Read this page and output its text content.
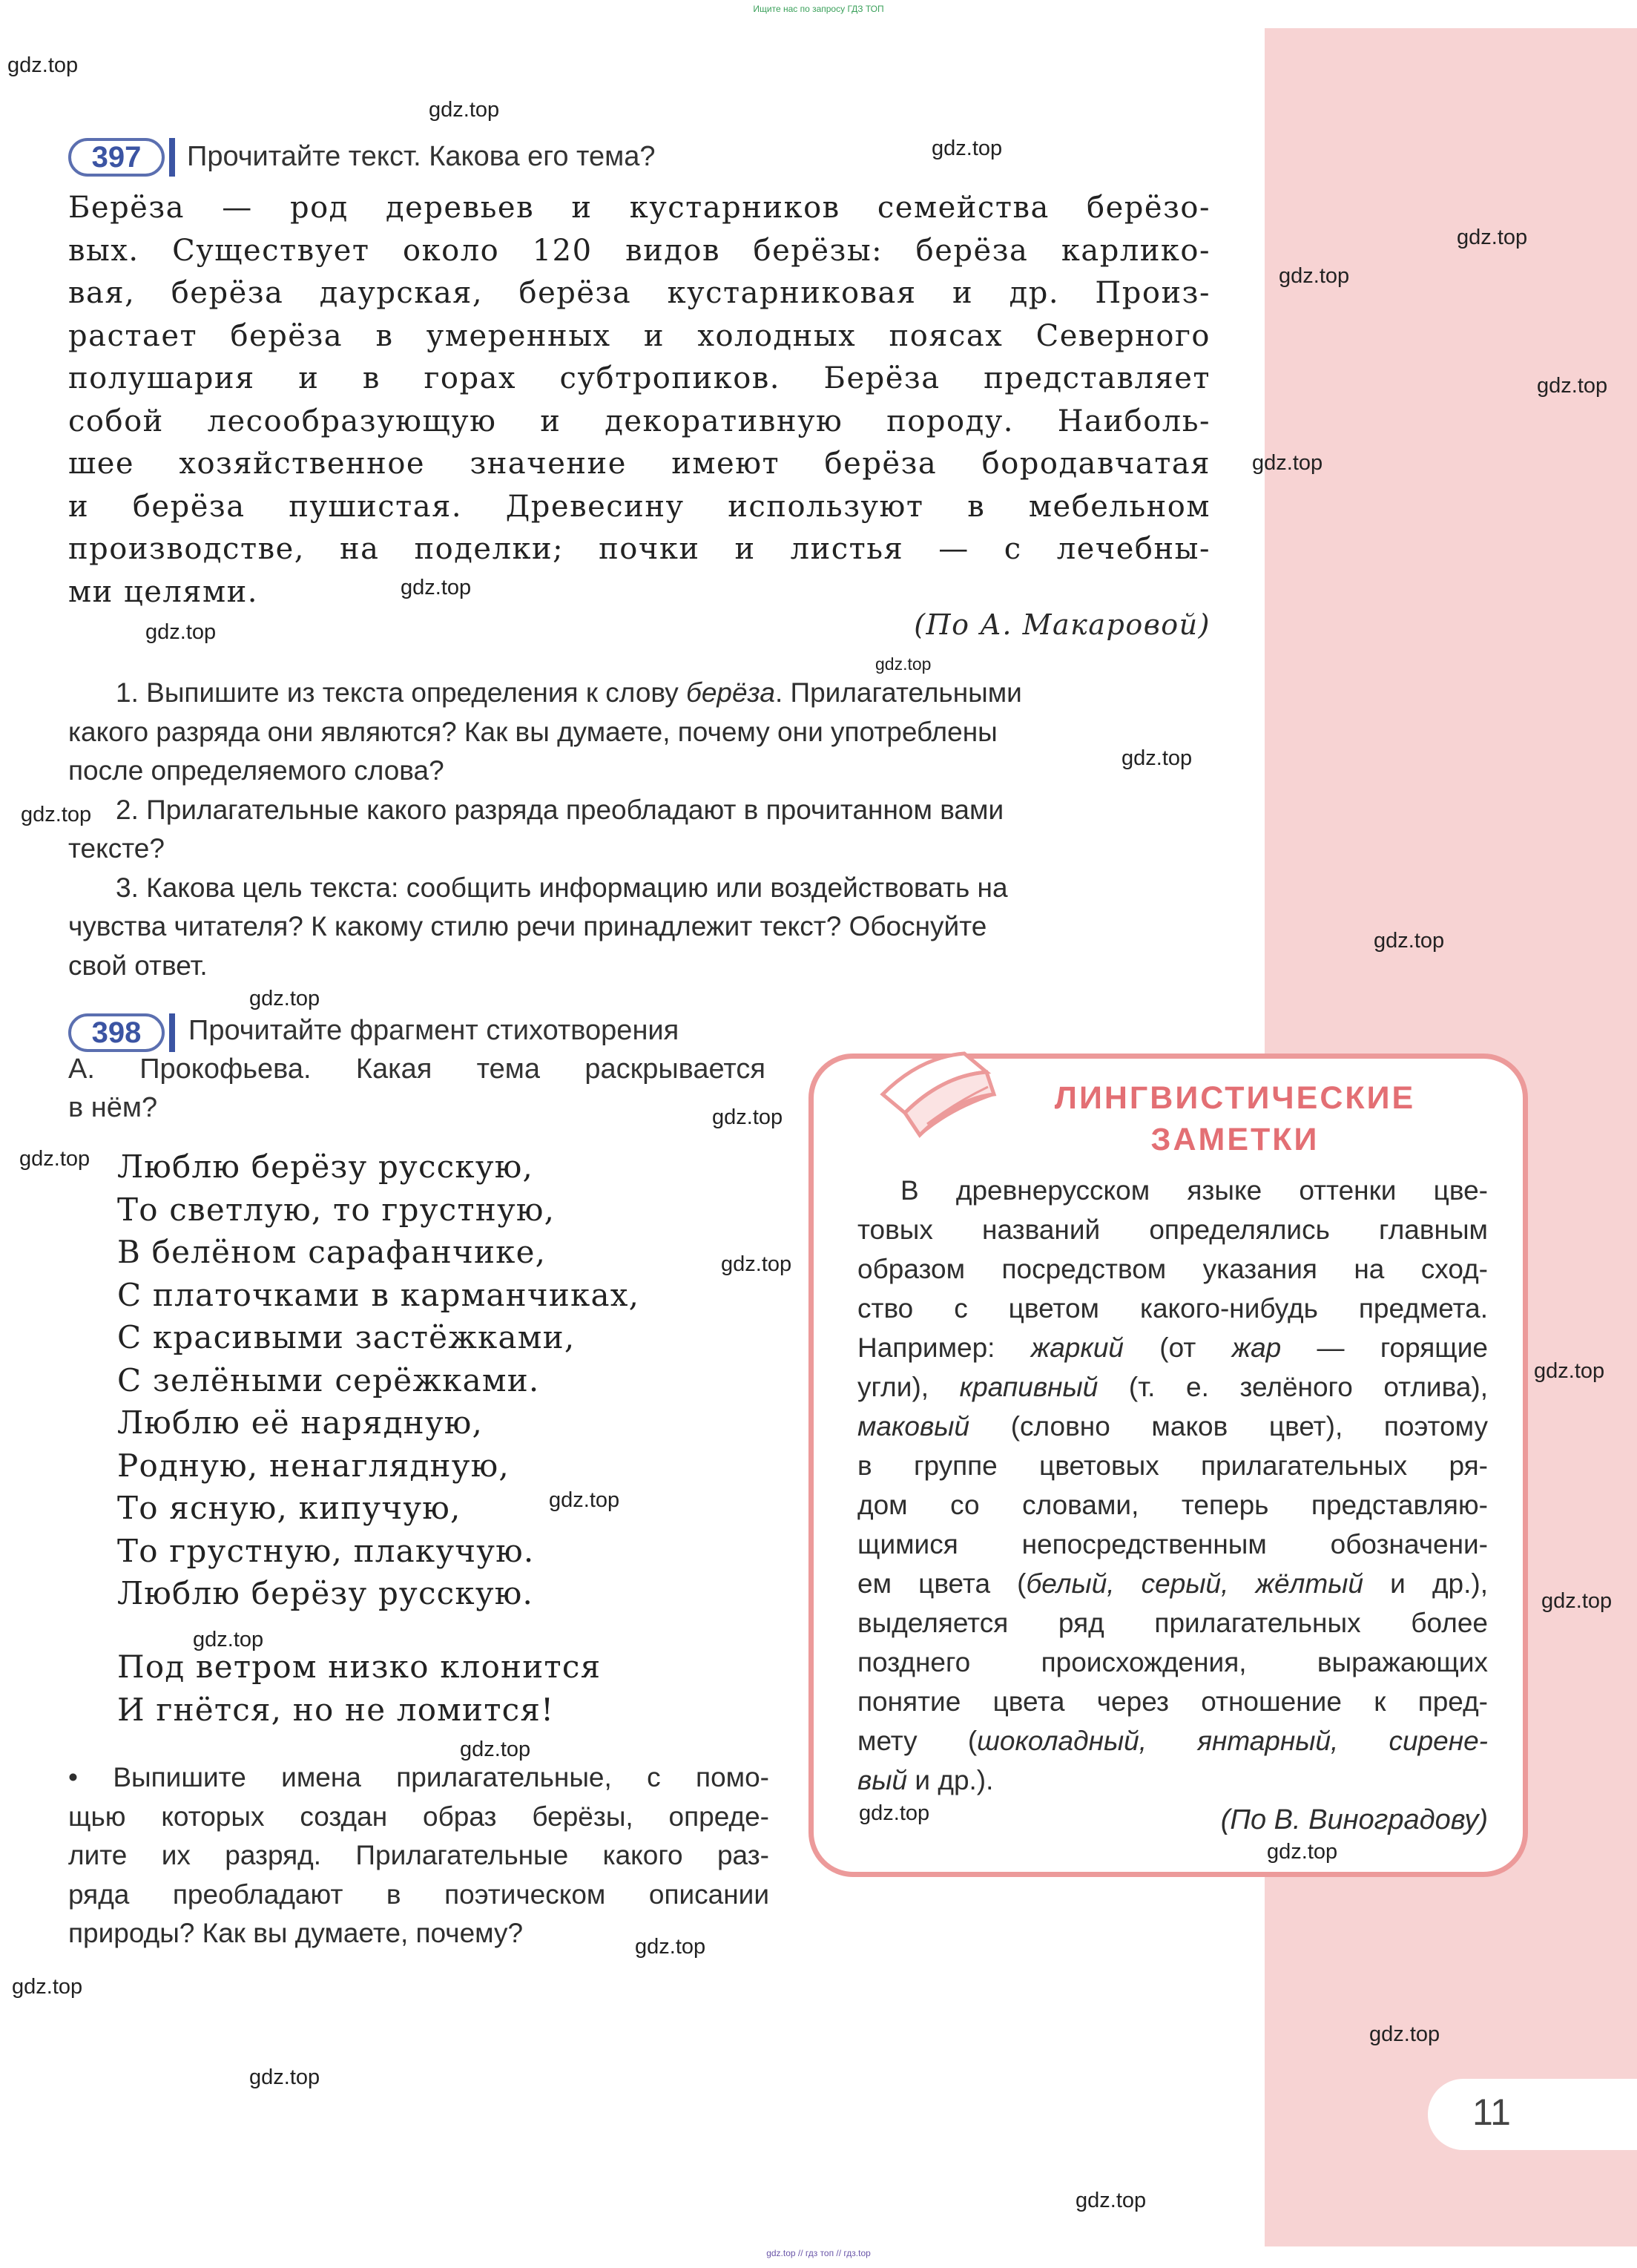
Ищите нас по запросу ГДЗ ТОП
397	Прочитайте текст. Какова его тема?
Берёза — род деревьев и кустарников семейства берёзо-
вых. Существует около 120 видов берёзы: берёза карлико-
вая, берёза даурская, берёза кустарниковая и др. Произ-
растает берёза в умеренных и холодных поясах Северного
полушария и в горах субтропиков. Берёза представляет
собой лесообразующую и декоративную породу. Наиболь-
шее хозяйственное значение имеют берёза бородавчатая
и берёза пушистая. Древесину используют в мебельном
производстве, на поделки; почки и листья — с лечебны-
ми целями.
(По А. Макаровой)
1. Выпишите из текста определения к слову берёза. Прилагательными
какого разряда они являются? Как вы думаете, почему они употреблены
после определяемого слова?
2. Прилагательные какого разряда преобладают в прочитанном вами
тексте?
3. Какова цель текста: сообщить информацию или воздействовать на
чувства читателя? К какому стилю речи принадлежит текст? Обоснуйте
свой ответ.
398	Прочитайте фрагмент стихотворения
А. Прокофьева. Какая тема раскрывается
в нём?
Люблю берёзу русскую,
То светлую, то грустную,
В белёном сарафанчике,
С платочками в карманчиках,
С красивыми застёжками,
С зелёными серёжками.
Люблю её нарядную,
Родную, ненаглядную,
То ясную, кипучую,
То грустную, плакучую.
Люблю берёзу русскую.
Под ветром низко клонится
И гнётся, но не ломится!
• Выпишите имена прилагательные, с помо-
щью которых создан образ берёзы, опреде-
лите их разряд. Прилагательные какого раз-
ряда преобладают в поэтическом описании
природы? Как вы думаете, почему?
ЛИНГВИСТИЧЕСКИЕ
ЗАМЕТКИ
В древнерусском языке оттенки цве-
товых названий определялись главным
образом посредством указания на сход-
ство с цветом какого-нибудь предмета.
Например: жаркий (от жар — горящие
угли), крапивный (т. е. зелёного отлива),
маковый (словно маков цвет), поэтому
в группе цветовых прилагательных ря-
дом со словами, теперь представляю-
щимися непосредственным обозначени-
ем цвета (белый, серый, жёлтый и др.),
выделяется ряд прилагательных более
позднего происхождения, выражающих
понятие цвета через отношение к пред-
мету (шоколадный, янтарный, сирене-
вый и др.).
(По В. Виноградову)
11
gdz.top
gdz.top
gdz.top
gdz.top
gdz.top
gdz.top
gdz.top
gdz.top
gdz.top
gdz.top
gdz.top
gdz.top
gdz.top
gdz.top
gdz.top
gdz.top
gdz.top
gdz.top
gdz.top
gdz.top
gdz.top
gdz.top
gdz.top
gdz.top
gdz.top
gdz.top
gdz.top
gdz.top
gdz.top
gdz.top // гдз топ // гдз.top
